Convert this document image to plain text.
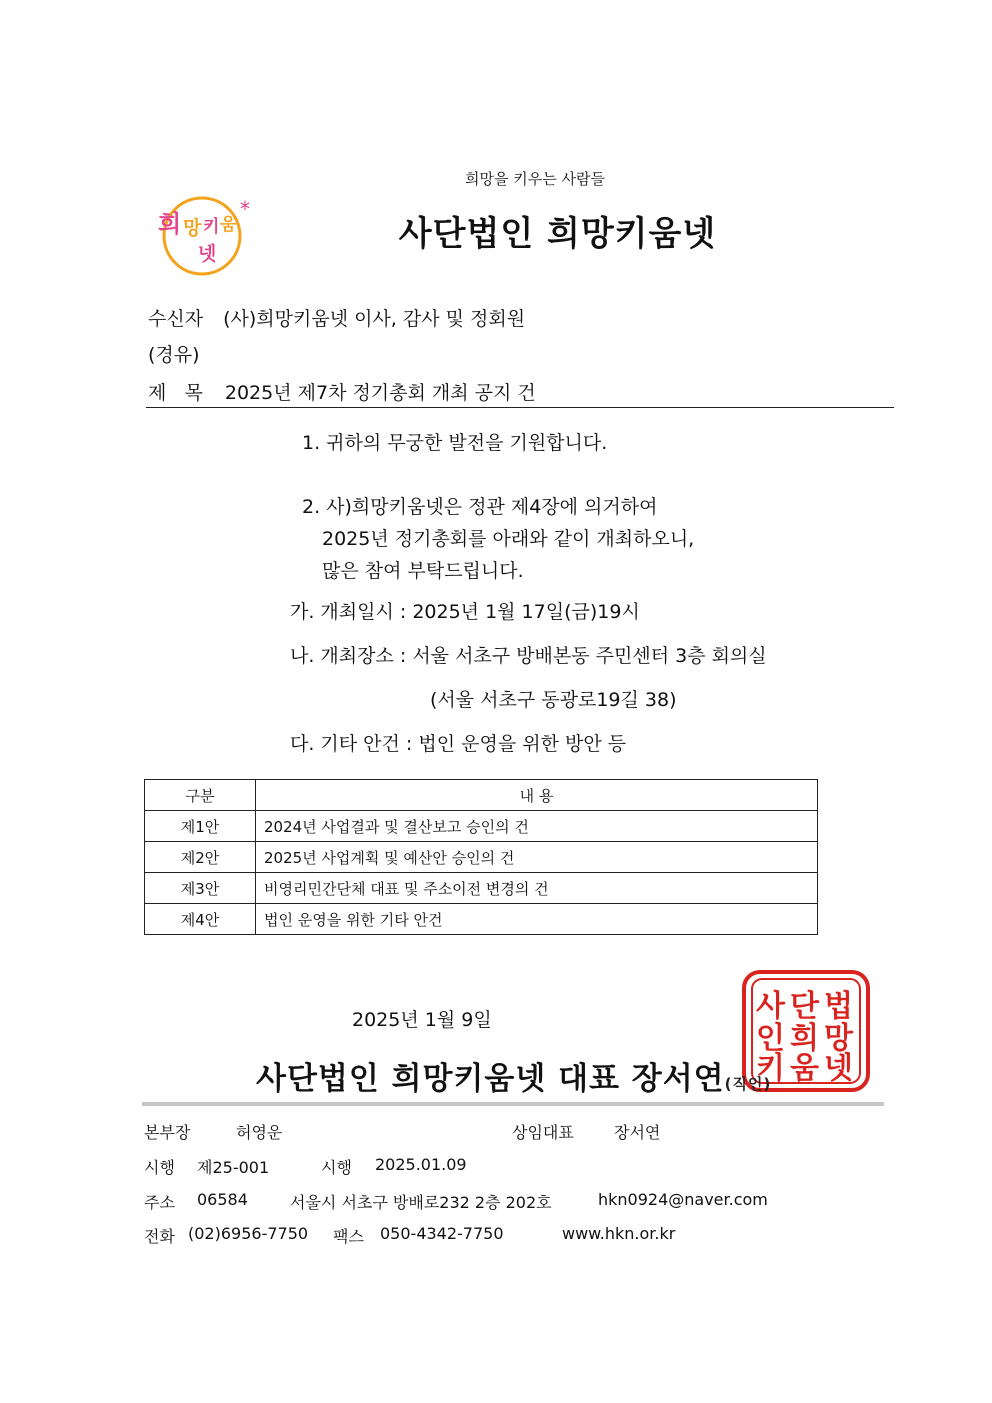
희망을 키우는 사람들
희 망 키 움
넷
*
사단법인 희망키움넷
수신자 (사)희망키움넷 이사, 감사 및 정회원
(경유)
제   목 2025년 제7차 정기총회 개최 공지 건
1. 귀하의 무궁한 발전을 기원합니다.
2. 사)희망키움넷은 정관 제4장에 의거하여
2025년 정기총회를 아래와 같이 개최하오니,
많은 참여 부탁드립니다.
가. 개최일시 : 2025년 1월 17일(금)19시
나. 개최장소 : 서울 서초구 방배본동 주민센터 3층 회의실
(서울 서초구 동광로19길 38)
다. 기타 안건 : 법인 운영을 위한 방안 등
구분	내 용
제1안	2024년 사업결과 및 결산보고 승인의 건
제2안	2025년 사업계획 및 예산안 승인의 건
제3안	비영리민간단체 대표 및 주소이전 변경의 건
제4안	법인 운영을 위한 기타 안건
2025년 1월 9일	법
망
넷
단
희
움
사
인
키
사단법인 희망키움넷 대표 장서연(직인)
본부장	허영운	상임대표	장서연
시행 제25-001	시행 2025.01.09
주소 06584	서울시 서초구 방배로232 2층 202호	hkn0924@naver.com
전화 (02)6956-7750 팩스 050-4342-7750	www.hkn.or.kr
